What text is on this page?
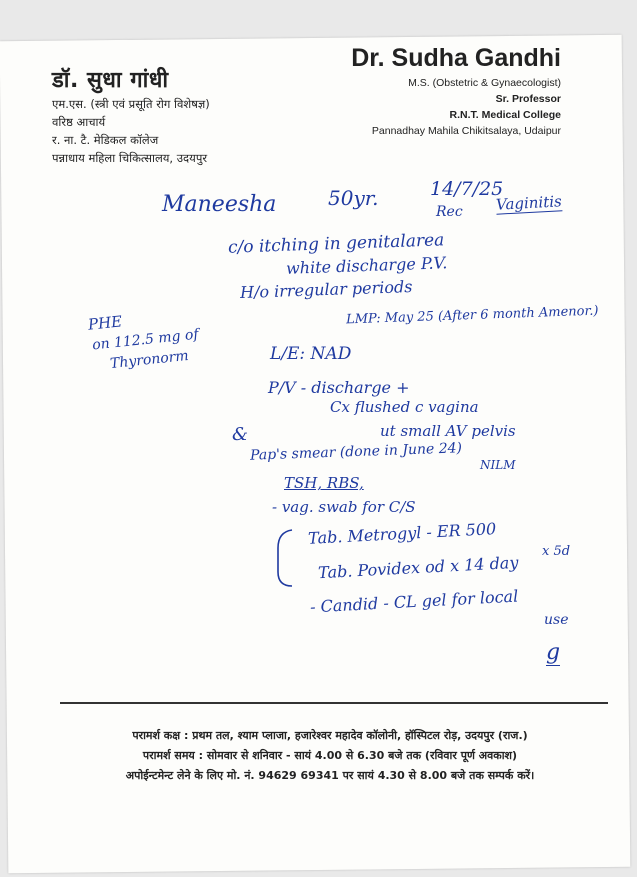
डॉ. सुधा गांधी
एम.एस. (स्त्री एवं प्रसूति रोग विशेषज्ञ)
वरिष्ठ आचार्य
र. ना. टै. मेडिकल कॉलेज
पन्नाधाय महिला चिकित्सालय, उदयपुर
Dr. Sudha Gandhi
M.S. (Obstetric & Gynaecologist)
Sr. Professor
R.N.T. Medical College
Pannadhay Mahila Chikitsalaya, Udaipur
Maneesha	50yr.	14/7/25
Rec Vaginitis
c/o itching in genitalarea
white discharge P.V.
H/o irregular periods
LMP: May 25 (After 6 month Amenor.)
PHE
on 112.5 mg of
Thyronorm	L/E: NAD
P/V - discharge +
Cx flushed c vagina
ut small AV pelvis
&
Pap's smear (done in June 24)
NILM
TSH, RBS,
- vag. swab for C/S
Tab. Metrogyl - ER 500
x 5d
Tab. Povidex od x 14 day
- Candid - CL gel for local
use
g
परामर्श कक्ष : प्रथम तल, श्याम प्लाजा, हजारेश्वर महादेव कॉलोनी, हॉस्पिटल रोड़, उदयपुर (राज.)
परामर्श समय : सोमवार से शनिवार - सायं 4.00 से 6.30 बजे तक (रविवार पूर्ण अवकाश)
अपोईन्टमेन्ट लेने के लिए मो. नं. 94629 69341 पर सायं 4.30 से 8.00 बजे तक सम्पर्क करें।
